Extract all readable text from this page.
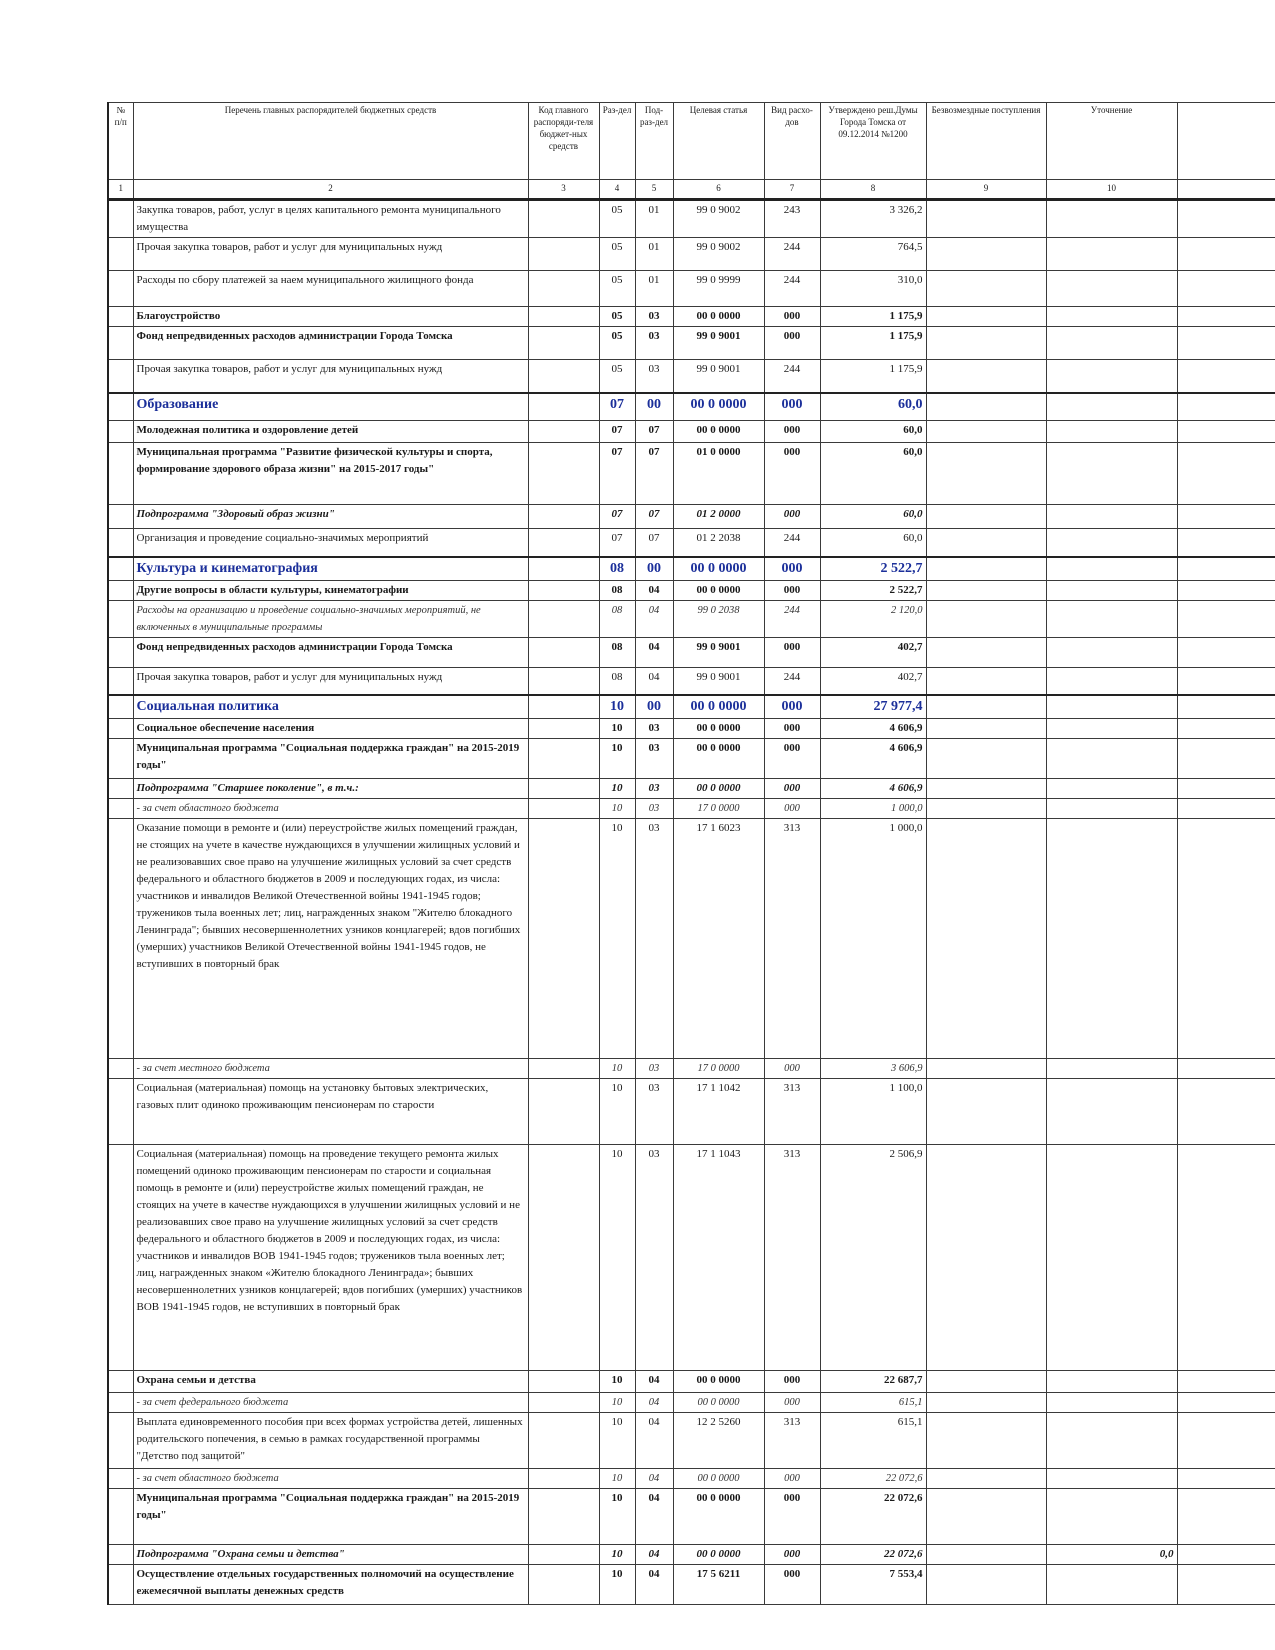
№ п/п	Перечень главных распорядителей бюджетных средств	Код главного распоряди-теля бюджет-ных средств	Раз-дел	Под-раз-дел	Целевая статья	Вид расхо-дов	Утверждено реш.Думы Города Томска от 09.12.2014 №1200	Безвозмездные поступления	Уточнение	
1	2	3	4	5	6	7	8	9	10	
	Закупка товаров, работ, услуг в целях капитального ремонта муниципального имущества		05	01	99 0 9002	243	3 326,2			
	Прочая закупка товаров, работ и услуг для муниципальных нужд		05	01	99 0 9002	244	764,5			
	Расходы по сбору платежей за наем муниципального жилищного фонда		05	01	99 0 9999	244	310,0			
	Благоустройство		05	03	00 0 0000	000	1 175,9			
	Фонд непредвиденных расходов администрации Города Томска		05	03	99 0 9001	000	1 175,9			
	Прочая закупка товаров, работ и услуг для муниципальных нужд		05	03	99 0 9001	244	1 175,9			
	Образование		07	00	00 0 0000	000	60,0			
	Молодежная политика и оздоровление детей		07	07	00 0 0000	000	60,0			
	Муниципальная программа "Развитие физической культуры и спорта, формирование здорового образа жизни" на 2015-2017 годы"		07	07	01 0 0000	000	60,0			
	Подпрограмма "Здоровый образ жизни"		07	07	01 2 0000	000	60,0			
	Организация и проведение социально-значимых мероприятий		07	07	01 2 2038	244	60,0			
	Культура и кинематография		08	00	00 0 0000	000	2 522,7			
	Другие вопросы в области культуры, кинематографии		08	04	00 0 0000	000	2 522,7			
	Расходы на организацию и проведение социально-значимых мероприятий, не включенных в муниципальные программы		08	04	99 0 2038	244	2 120,0			
	Фонд непредвиденных расходов администрации Города Томска		08	04	99 0 9001	000	402,7			
	Прочая закупка товаров, работ и услуг для муниципальных нужд		08	04	99 0 9001	244	402,7			
	Социальная политика		10	00	00 0 0000	000	27 977,4			
	Социальное обеспечение населения		10	03	00 0 0000	000	4 606,9			
	Муниципальная программа "Социальная поддержка граждан" на 2015-2019 годы"		10	03	00 0 0000	000	4 606,9			
	Подпрограмма "Старшее поколение", в т.ч.:		10	03	00 0 0000	000	4 606,9			
	- за счет областного бюджета		10	03	17 0 0000	000	1 000,0			
	Оказание помощи в ремонте и (или) переустройстве жилых помещений граждан, не стоящих на учете в качестве нуждающихся в улучшении жилищных условий и не реализовавших свое право на улучшение жилищных условий за счет средств федерального и областного бюджетов в 2009 и последующих годах, из числа: участников и инвалидов Великой Отечественной войны 1941-1945 годов; тружеников тыла военных лет; лиц, награжденных знаком "Жителю блокадного Ленинграда"; бывших несовершеннолетних узников концлагерей; вдов погибших (умерших) участников Великой Отечественной войны 1941-1945 годов, не вступивших в повторный брак		10	03	17 1 6023	313	1 000,0			
	- за счет местного бюджета		10	03	17 0 0000	000	3 606,9			
	Социальная (материальная) помощь на установку бытовых электрических, газовых плит одиноко проживающим пенсионерам по старости		10	03	17 1 1042	313	1 100,0			
	Социальная (материальная) помощь на проведение текущего ремонта жилых помещений одиноко проживающим пенсионерам по старости и социальная помощь в ремонте и (или) переустройстве жилых помещений граждан, не стоящих на учете в качестве нуждающихся в улучшении жилищных условий и не реализовавших свое право на улучшение жилищных условий за счет средств федерального и областного бюджетов в 2009 и последующих годах, из числа: участников и инвалидов ВОВ 1941-1945 годов; тружеников тыла военных лет; лиц, награжденных знаком «Жителю блокадного Ленинграда»; бывших несовершеннолетних узников концлагерей; вдов погибших (умерших) участников ВОВ 1941-1945 годов, не вступивших в повторный брак		10	03	17 1 1043	313	2 506,9			
	Охрана семьи и детства		10	04	00 0 0000	000	22 687,7			
	- за счет федерального бюджета		10	04	00 0 0000	000	615,1			
	Выплата единовременного пособия при всех формах устройства детей, лишенных родительского попечения, в семью в рамках государственной программы "Детство под защитой"		10	04	12 2 5260	313	615,1			
	- за счет областного бюджета		10	04	00 0 0000	000	22 072,6			
	Муниципальная программа "Социальная поддержка граждан" на 2015-2019 годы"		10	04	00 0 0000	000	22 072,6			
	Подпрограмма "Охрана семьи и детства"		10	04	00 0 0000	000	22 072,6		0,0	
	Осуществление отдельных государственных полномочий на осуществление ежемесячной выплаты денежных средств		10	04	17 5 6211	000	7 553,4			
